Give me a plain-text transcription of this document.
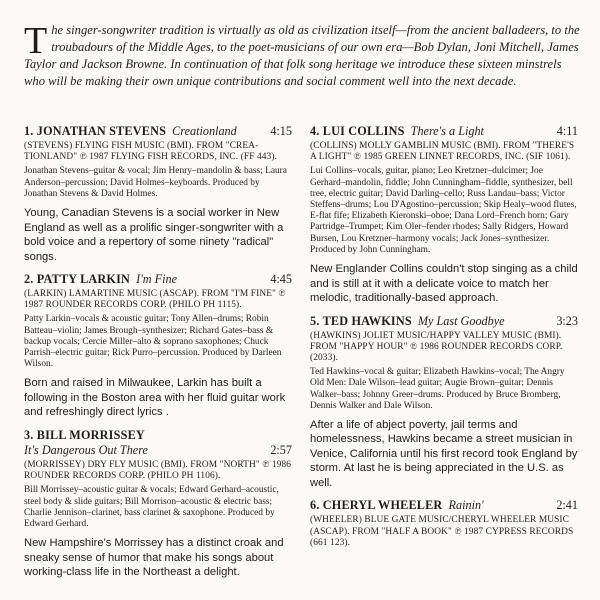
The singer-songwriter tradition is virtually as old as civilization itself—from the ancient balladeers, to the troubadours of the Middle Ages, to the poet-musicians of our own era—Bob Dylan, Joni Mitchell, James Taylor and Jackson Browne. In continuation of that folk song heritage we introduce these sixteen minstrels who will be making their own unique contributions and social comment well into the next decade.

1. JONATHAN STEVENS Creationland	4:15
(STEVENS) FLYING FISH MUSIC (BMI). FROM "CREA-TIONLAND" ℗ 1987 FLYING FISH RECORDS, INC. (FF 443).
Jonathan Stevens–guitar & vocal; Jim Henry–mandolin & bass; Laura Anderson–percussion; David Holmes–keyboards. Produced by Jonathan Stevens & David Holmes.
Young, Canadian Stevens is a social worker in New England as well as a prolific singer-songwriter with a bold voice and a repertory of some ninety "radical" songs.
2. PATTY LARKIN I'm Fine	4:45
(LARKIN) LAMARTINE MUSIC (ASCAP). FROM "I'M FINE" ℗ 1987 ROUNDER RECORDS CORP. (PHILO PH 1115).
Patty Larkin–vocals & acoustic guitar; Tony Allen–drums; Robin Batteau–violin; James Brough–synthesizer; Richard Gates–bass & backup vocals; Cercie Miller–alto & soprano saxophones; Chuck Parrish–electric guitar; Rick Purro–percussion. Produced by Darleen Wilson.
Born and raised in Milwaukee, Larkin has built a following in the Boston area with her fluid guitar work and refreshingly direct lyrics .
3. BILL MORRISSEY
It's Dangerous Out There	2:57
(MORRISSEY) DRY FLY MUSIC (BMI). FROM "NORTH" ℗ 1986 ROUNDER RECORDS CORP. (PHILO PH 1106).
Bill Morrissey–acoustic guitar & vocals; Edward Gerhard–acoustic, steel body & slide guitars; Bill Morrison–acoustic & electric bass; Charlie Jennison–clarinet, bass clarinet & saxophone. Produced by Edward Gerhard.
New Hampshire's Morrissey has a distinct croak and sneaky sense of humor that make his songs about working-class life in the Northeast a delight.
4. LUI COLLINS There's a Light	4:11
(COLLINS) MOLLY GAMBLIN MUSIC (BMI). FROM "THERE'S A LIGHT" ℗ 1985 GREEN LINNET RECORDS, INC. (SIF 1061).
Lui Collins–vocals, guitar, piano; Leo Kretzner–dulcimer; Joe Gerhard–mandolin, fiddle; John Cunningham–fiddle, synthesizer, bell tree, electric guitar; David Darling–cello; Russ Landau–bass; Victor Steffens–drums; Lou D'Agostino–percussion; Skip Healy–wood flutes, E-flat fife; Elizabeth Kieronski–oboe; Dana Lord–French horn; Gary Partridge–Trumpet; Kim Oler–fender rhodes; Sally Ridgers, Howard Bursen, Lou Kretzner–harmony vocals; Jack Jones–synthesizer. Produced by John Cunningham.
New Englander Collins couldn't stop singing as a child and is still at it with a delicate voice to match her melodic, traditionally-based approach.
5. TED HAWKINS My Last Goodbye	3:23
(HAWKINS) JOLIET MUSIC/HAPPY VALLEY MUSIC (BMI). FROM "HAPPY HOUR" ℗ 1986 ROUNDER RECORDS CORP.(2033).
Ted Hawkins–vocal & guitar; Elizabeth Hawkins–vocal; The Angry Old Men: Dale Wilson–lead guitar; Augie Brown–guitar; Dennis Walker–bass; Johnny Greer–drums. Produced by Bruce Bromberg, Dennis Walker and Dale Wilson.
After a life of abject poverty, jail terms and homelessness, Hawkins became a street musician in Venice, California until his first record took England by storm. At last he is being appreciated in the U.S. as well.
6. CHERYL WHEELER Rainin'	2:41
(WHEELER) BLUE GATE MUSIC/CHERYL WHEELER MUSIC (ASCAP). FROM "HALF A BOOK" ℗ 1987 CYPRESS RECORDS (661 123).
